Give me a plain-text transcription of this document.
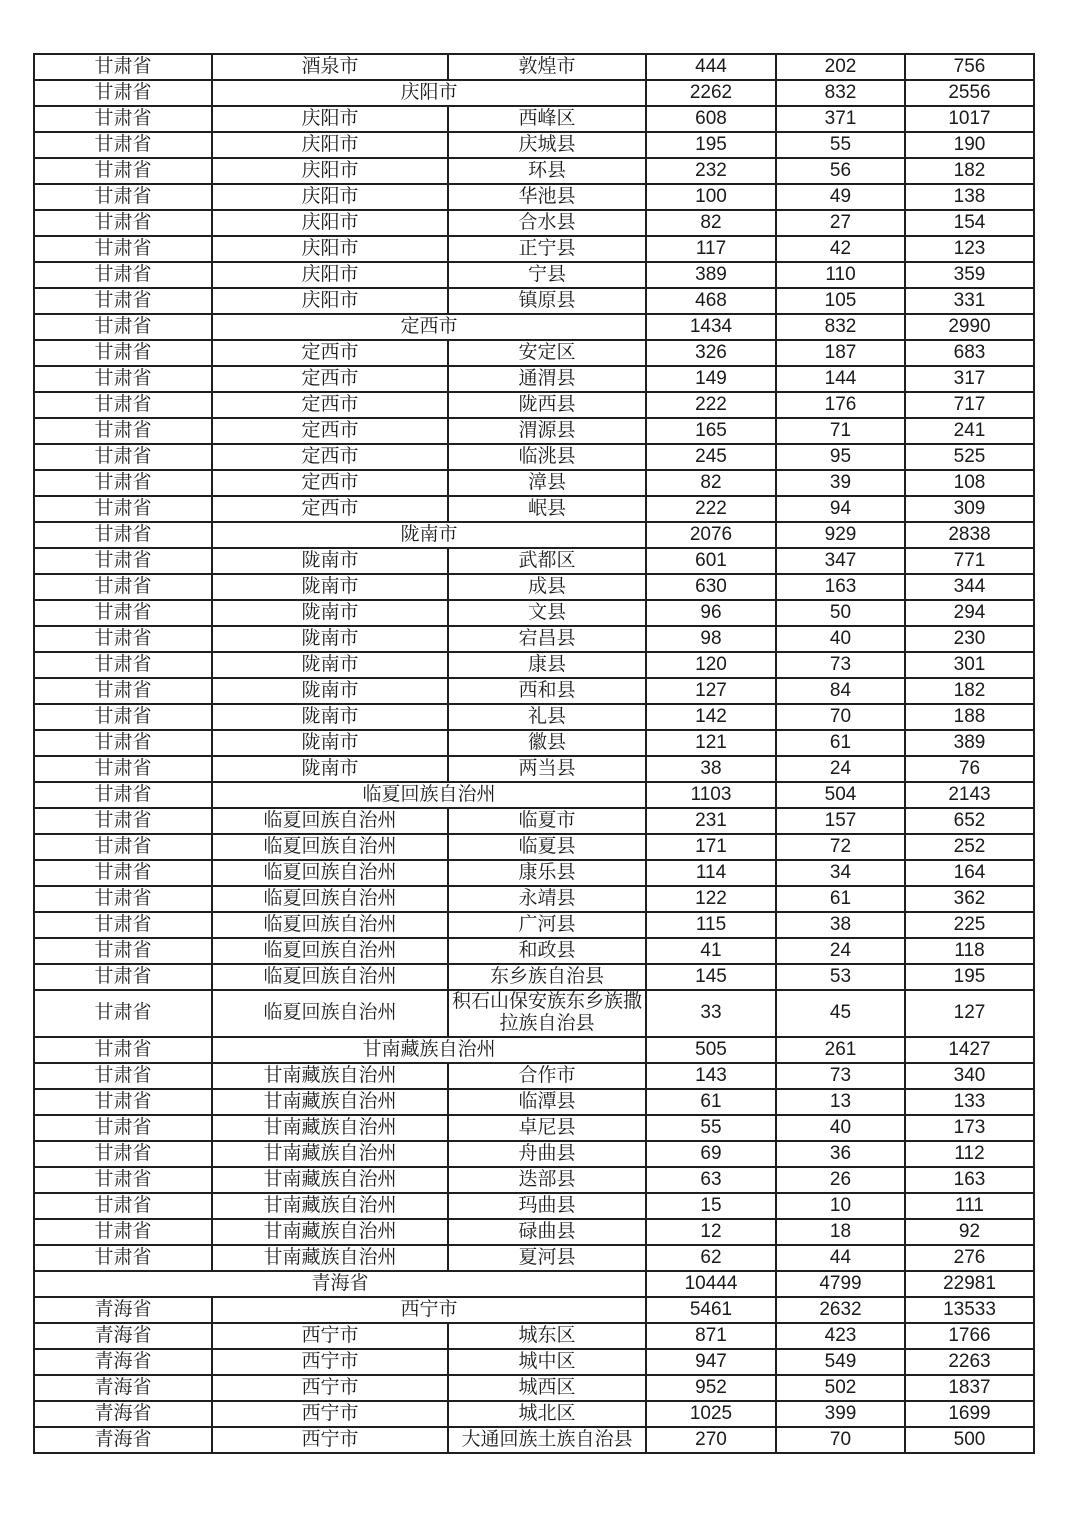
甘肃省	酒泉市	敦煌市	444	202	756
甘肃省	庆阳市		2262	832	2556
甘肃省	庆阳市	西峰区	608	371	1017
甘肃省	庆阳市	庆城县	195	55	190
甘肃省	庆阳市	环县	232	56	182
甘肃省	庆阳市	华池县	100	49	138
甘肃省	庆阳市	合水县	82	27	154
甘肃省	庆阳市	正宁县	117	42	123
甘肃省	庆阳市	宁县	389	110	359
甘肃省	庆阳市	镇原县	468	105	331
甘肃省	定西市		1434	832	2990
甘肃省	定西市	安定区	326	187	683
甘肃省	定西市	通渭县	149	144	317
甘肃省	定西市	陇西县	222	176	717
甘肃省	定西市	渭源县	165	71	241
甘肃省	定西市	临洮县	245	95	525
甘肃省	定西市	漳县	82	39	108
甘肃省	定西市	岷县	222	94	309
甘肃省	陇南市		2076	929	2838
甘肃省	陇南市	武都区	601	347	771
甘肃省	陇南市	成县	630	163	344
甘肃省	陇南市	文县	96	50	294
甘肃省	陇南市	宕昌县	98	40	230
甘肃省	陇南市	康县	120	73	301
甘肃省	陇南市	西和县	127	84	182
甘肃省	陇南市	礼县	142	70	188
甘肃省	陇南市	徽县	121	61	389
甘肃省	陇南市	两当县	38	24	76
甘肃省	临夏回族自治州		1103	504	2143
甘肃省	临夏回族自治州	临夏市	231	157	652
甘肃省	临夏回族自治州	临夏县	171	72	252
甘肃省	临夏回族自治州	康乐县	114	34	164
甘肃省	临夏回族自治州	永靖县	122	61	362
甘肃省	临夏回族自治州	广河县	115	38	225
甘肃省	临夏回族自治州	和政县	41	24	118
甘肃省	临夏回族自治州	东乡族自治县	145	53	195
甘肃省	临夏回族自治州	积石山保安族东乡族撒拉族自治县	33	45	127
甘肃省	甘南藏族自治州		505	261	1427
甘肃省	甘南藏族自治州	合作市	143	73	340
甘肃省	甘南藏族自治州	临潭县	61	13	133
甘肃省	甘南藏族自治州	卓尼县	55	40	173
甘肃省	甘南藏族自治州	舟曲县	69	36	112
甘肃省	甘南藏族自治州	迭部县	63	26	163
甘肃省	甘南藏族自治州	玛曲县	15	10	111
甘肃省	甘南藏族自治州	碌曲县	12	18	92
甘肃省	甘南藏族自治州	夏河县	62	44	276
青海省			10444	4799	22981
青海省	西宁市		5461	2632	13533
青海省	西宁市	城东区	871	423	1766
青海省	西宁市	城中区	947	549	2263
青海省	西宁市	城西区	952	502	1837
青海省	西宁市	城北区	1025	399	1699
青海省	西宁市	大通回族土族自治县	270	70	500
